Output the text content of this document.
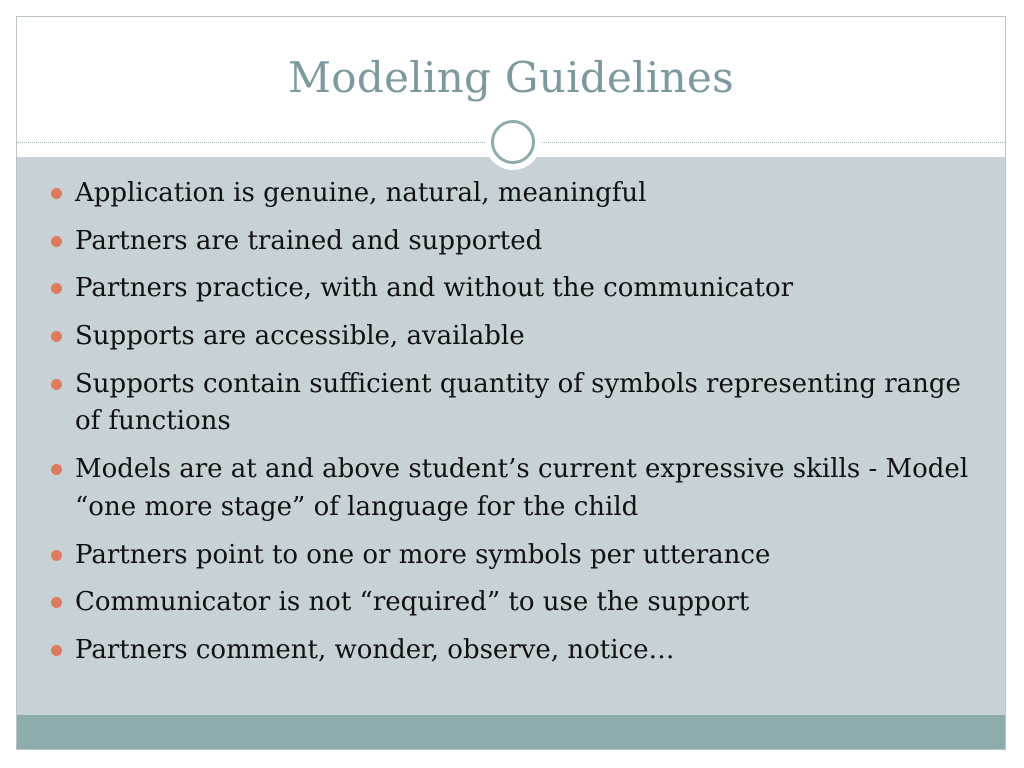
Modeling Guidelines
Application is genuine, natural, meaningful
Partners are trained and supported
Partners practice, with and without the communicator
Supports are accessible, available
Supports contain sufficient quantity of symbols representing range of functions
Models are at and above student’s current expressive skills - Model “one more stage” of language for the child
Partners point to one or more symbols per utterance
Communicator is not “required” to use the support
Partners comment, wonder, observe, notice…
